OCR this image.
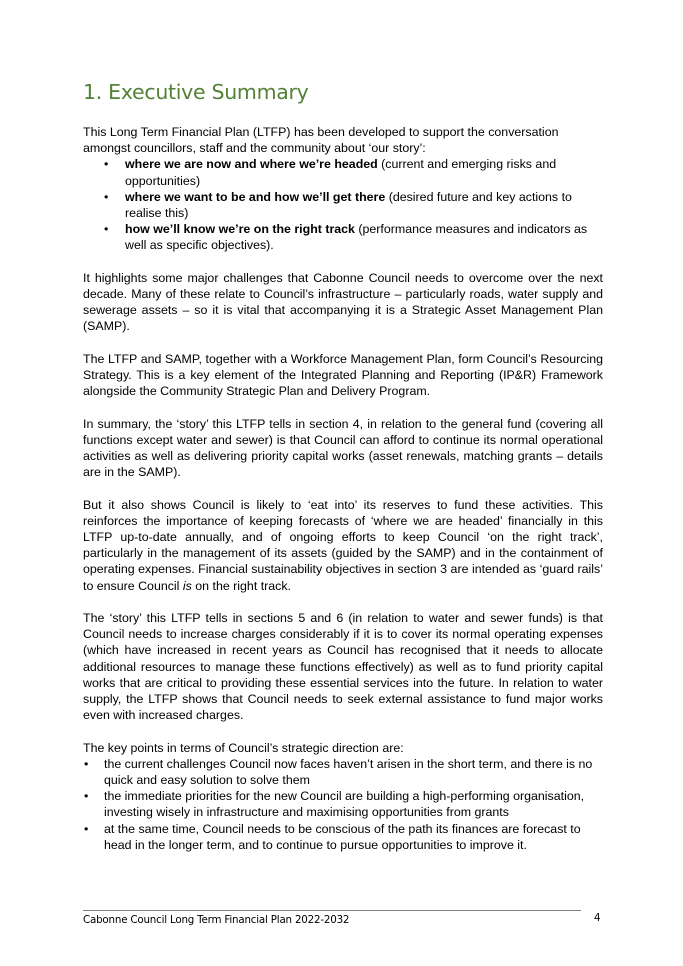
1. Executive Summary

This Long Term Financial Plan (LTFP) has been developed to support the conversation amongst councillors, staff and the community about ‘our story’:

•	where we are now and where we’re headed (current and emerging risks and opportunities)
•	where we want to be and how we’ll get there (desired future and key actions to realise this)
•	how we’ll know we’re on the right track (performance measures and indicators as well as specific objectives).

It highlights some major challenges that Cabonne Council needs to overcome over the next decade. Many of these relate to Council’s infrastructure – particularly roads, water supply and sewerage assets – so it is vital that accompanying it is a Strategic Asset Management Plan (SAMP).

The LTFP and SAMP, together with a Workforce Management Plan, form Council’s Resourcing Strategy. This is a key element of the Integrated Planning and Reporting (IP&R) Framework alongside the Community Strategic Plan and Delivery Program.

In summary, the ‘story’ this LTFP tells in section 4, in relation to the general fund (covering all functions except water and sewer) is that Council can afford to continue its normal operational activities as well as delivering priority capital works (asset renewals, matching grants – details are in the SAMP).

But it also shows Council is likely to ‘eat into’ its reserves to fund these activities. This reinforces the importance of keeping forecasts of ‘where we are headed’ financially in this LTFP up-to-date annually, and of ongoing efforts to keep Council ‘on the right track’, particularly in the management of its assets (guided by the SAMP) and in the containment of operating expenses. Financial sustainability objectives in section 3 are intended as ‘guard rails’ to ensure Council is on the right track.

The ‘story’ this LTFP tells in sections 5 and 6 (in relation to water and sewer funds) is that Council needs to increase charges considerably if it is to cover its normal operating expenses (which have increased in recent years as Council has recognised that it needs to allocate additional resources to manage these functions effectively) as well as to fund priority capital works that are critical to providing these essential services into the future. In relation to water supply, the LTFP shows that Council needs to seek external assistance to fund major works even with increased charges.

The key points in terms of Council’s strategic direction are:

•	the current challenges Council now faces haven’t arisen in the short term, and there is no quick and easy solution to solve them
•	the immediate priorities for the new Council are building a high-performing organisation, investing wisely in infrastructure and maximising opportunities from grants
•	at the same time, Council needs to be conscious of the path its finances are forecast to head in the longer term, and to continue to pursue opportunities to improve it.
Cabonne Council Long Term Financial Plan 2022-2032	4
